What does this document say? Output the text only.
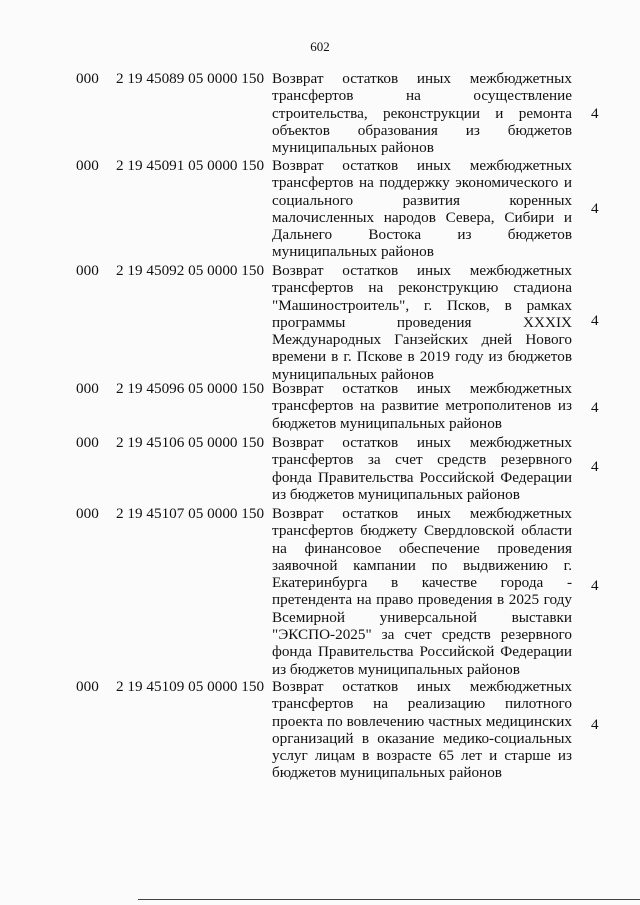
602
000 2 19 45089 05 0000 150 Возврат остатков иных межбюджетных трансфертов на осуществление строительства, реконструкции и ремонта объектов образования из бюджетов муниципальных районов
4
000 2 19 45091 05 0000 150 Возврат остатков иных межбюджетных трансфертов на поддержку экономического и социального развития коренных малочисленных народов Севера, Сибири и Дальнего Востока из бюджетов муниципальных районов
4
000 2 19 45092 05 0000 150 Возврат остатков иных межбюджетных трансфертов на реконструкцию стадиона "Машиностроитель", г. Псков, в рамках программы проведения XXXIX Международных Ганзейских дней Нового времени в г. Пскове в 2019 году из бюджетов муниципальных районов
4
000 2 19 45096 05 0000 150 Возврат остатков иных межбюджетных трансфертов на развитие метрополитенов из бюджетов муниципальных районов
4
000 2 19 45106 05 0000 150 Возврат остатков иных межбюджетных трансфертов за счет средств резервного фонда Правительства Российской Федерации из бюджетов муниципальных районов
4
000 2 19 45107 05 0000 150 Возврат остатков иных межбюджетных трансфертов бюджету Свердловской области на финансовое обеспечение проведения заявочной кампании по выдвижению г. Екатеринбурга в качестве города - претендента на право проведения в 2025 году Всемирной универсальной выставки "ЭКСПО-2025" за счет средств резервного фонда Правительства Российской Федерации из бюджетов муниципальных районов
4
000 2 19 45109 05 0000 150 Возврат остатков иных межбюджетных трансфертов на реализацию пилотного проекта по вовлечению частных медицинских организаций в оказание медико-социальных услуг лицам в возрасте 65 лет и старше из бюджетов муниципальных районов
4
